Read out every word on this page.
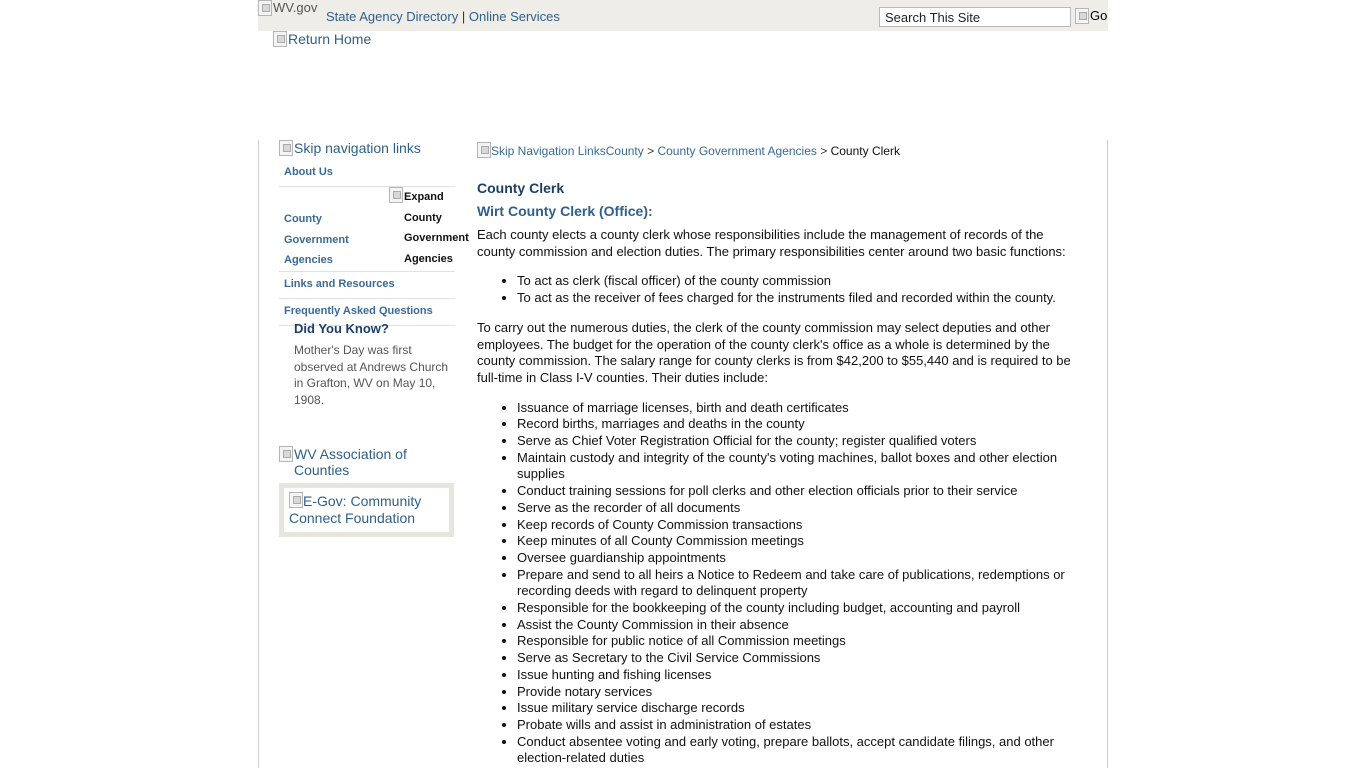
WV.gov
State Agency Directory | Online Services
Search This Site	Go
Return Home
Skip navigation links
About Us
County Government Agencies
Expand County Government Agencies
Links and Resources
Frequently Asked Questions
Did You Know?
Mother's Day was first observed at Andrews Church in Grafton, WV on May 10, 1908.
WV Association of Counties
E-Gov: Community Connect Foundation
Skip Navigation LinksCounty > County Government Agencies > County Clerk
County Clerk
Wirt County Clerk (Office):

Each county elects a county clerk whose responsibilities include the management of records of the county commission and election duties. The primary responsibilities center around two basic functions:

• To act as clerk (fiscal officer) of the county commission
• To act as the receiver of fees charged for the instruments filed and recorded within the county.

To carry out the numerous duties, the clerk of the county commission may select deputies and other employees. The budget for the operation of the county clerk's office as a whole is determined by the county commission. The salary range for county clerks is from $42,200 to $55,440 and is required to be full-time in Class I-V counties. Their duties include:

• Issuance of marriage licenses, birth and death certificates
• Record births, marriages and deaths in the county
• Serve as Chief Voter Registration Official for the county; register qualified voters
• Maintain custody and integrity of the county's voting machines, ballot boxes and other election supplies
• Conduct training sessions for poll clerks and other election officials prior to their service
• Serve as the recorder of all documents
• Keep records of County Commission transactions
• Keep minutes of all County Commission meetings
• Oversee guardianship appointments
• Prepare and send to all heirs a Notice to Redeem and take care of publications, redemptions or recording deeds with regard to delinquent property
• Responsible for the bookkeeping of the county including budget, accounting and payroll
• Assist the County Commission in their absence
• Responsible for public notice of all Commission meetings
• Serve as Secretary to the Civil Service Commissions
• Issue hunting and fishing licenses
• Provide notary services
• Issue military service discharge records
• Probate wills and assist in administration of estates
• Conduct absentee voting and early voting, prepare ballots, accept candidate filings, and other election-related duties
